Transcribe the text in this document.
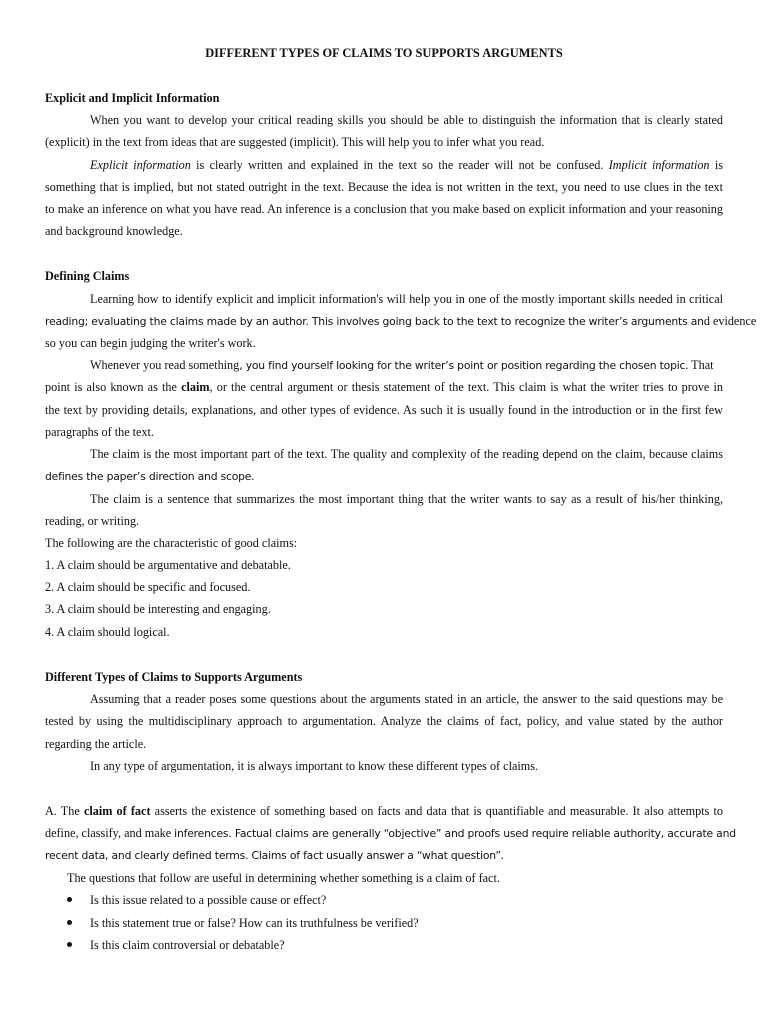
DIFFERENT TYPES OF CLAIMS TO SUPPORTS ARGUMENTS
Explicit and Implicit Information
When you want to develop your critical reading skills you should be able to distinguish the information that is clearly stated
(explicit) in the text from ideas that are suggested (implicit). This will help you to infer what you read.
Explicit information is clearly written and explained in the text so the reader will not be confused. Implicit information is
something that is implied, but not stated outright in the text. Because the idea is not written in the text, you need to use clues in the text
to make an inference on what you have read. An inference is a conclusion that you make based on explicit information and your reasoning
and background knowledge.
Defining Claims
Learning how to identify explicit and implicit information's will help you in one of the mostly important skills needed in critical
reading; evaluating the claims made by an author. This involves going back to the text to recognize the writer’s arguments and evidence
so you can begin judging the writer's work.
Whenever you read something, you find yourself looking for the writer’s point or position regarding the chosen topic. That
point is also known as the claim, or the central argument or thesis statement of the text. This claim is what the writer tries to prove in
the text by providing details, explanations, and other types of evidence. As such it is usually found in the introduction or in the first few
paragraphs of the text.
The claim is the most important part of the text. The quality and complexity of the reading depend on the claim, because claims
defines the paper’s direction and scope.
The claim is a sentence that summarizes the most important thing that the writer wants to say as a result of his/her thinking,
reading, or writing.
The following are the characteristic of good claims:
1. A claim should be argumentative and debatable.
2. A claim should be specific and focused.
3. A claim should be interesting and engaging.
4. A claim should logical.
Different Types of Claims to Supports Arguments
Assuming that a reader poses some questions about the arguments stated in an article, the answer to the said questions may be
tested by using the multidisciplinary approach to argumentation. Analyze the claims of fact, policy, and value stated by the author
regarding the article.
In any type of argumentation, it is always important to know these different types of claims.
A. The claim of fact asserts the existence of something based on facts and data that is quantifiable and measurable. It also attempts to
define, classify, and make inferences. Factual claims are generally “objective” and proofs used require reliable authority, accurate and
recent data, and clearly defined terms. Claims of fact usually answer a “what question”.
The questions that follow are useful in determining whether something is a claim of fact.
Is this issue related to a possible cause or effect?
Is this statement true or false? How can its truthfulness be verified?
Is this claim controversial or debatable?
